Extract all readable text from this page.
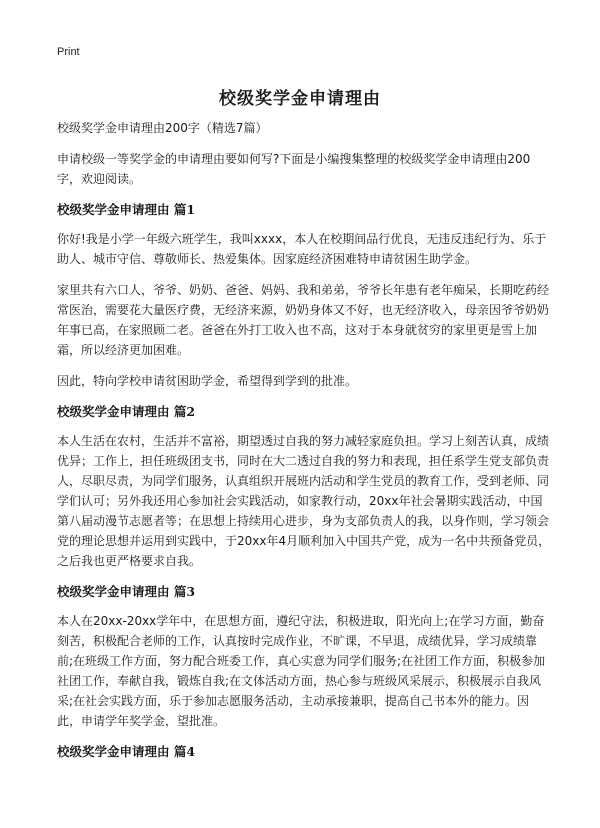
Print
校级奖学金申请理由

校级奖学金申请理由200字（精选7篇）

申请校级一等奖学金的申请理由要如何写?下面是小编搜集整理的校级奖学金申请理由200字，欢迎阅读。

校级奖学金申请理由 篇1

你好!我是小学一年级六班学生，我叫xxxx，本人在校期间品行优良，无违反违纪行为、乐于助人、城市守信、尊敬师长、热爱集体。因家庭经济困难特申请贫困生助学金。

家里共有六口人，爷爷、奶奶、爸爸、妈妈、我和弟弟，爷爷长年患有老年痴呆，长期吃药经常医治，需要花大量医疗费，无经济来源，奶奶身体又不好，也无经济收入，母亲因爷爷奶奶年事已高，在家照顾二老。爸爸在外打工收入也不高，这对于本身就贫穷的家里更是雪上加霜，所以经济更加困难。

因此，特向学校申请贫困助学金，希望得到学到的批准。

校级奖学金申请理由 篇2

本人生活在农村，生活并不富裕，期望透过自我的努力减轻家庭负担。学习上刻苦认真，成绩优异；工作上，担任班级团支书，同时在大二透过自我的努力和表现，担任系学生党支部负责人，尽职尽责，为同学们服务，认真组织开展班内活动和学生党员的教育工作，受到老师、同学们认可；另外我还用心参加社会实践活动，如家教行动，20xx年社会暑期实践活动，中国第八届动漫节志愿者等；在思想上持续用心进步，身为支部负责人的我，以身作则，学习领会党的理论思想并运用到实践中，于20xx年4月顺利加入中国共产党，成为一名中共预备党员，之后我也更严格要求自我。

校级奖学金申请理由 篇3

本人在20xx-20xx学年中，在思想方面，遵纪守法，积极进取，阳光向上;在学习方面，勤奋刻苦，积极配合老师的工作，认真按时完成作业，不旷课，不早退，成绩优异，学习成绩靠前;在班级工作方面，努力配合班委工作，真心实意为同学们服务;在社团工作方面，积极参加社团工作，奉献自我，锻炼自我;在文体活动方面，热心参与班级风采展示，积极展示自我风采;在社会实践方面，乐于参加志愿服务活动，主动承接兼职，提高自己书本外的能力。因此，申请学年奖学金，望批准。

校级奖学金申请理由 篇4
